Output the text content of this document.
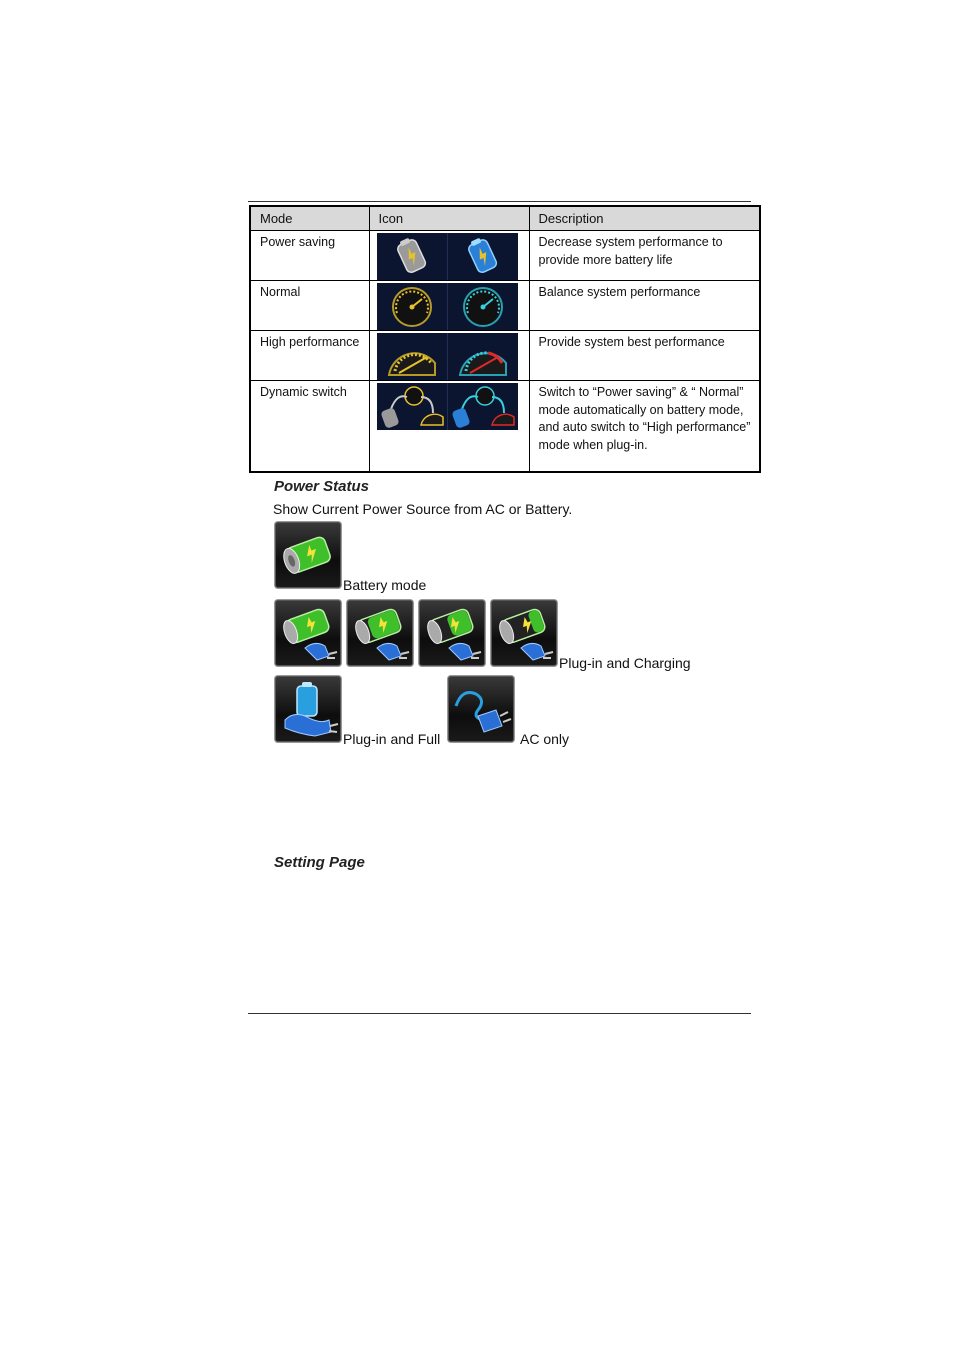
Mode	Icon	Description
Power saving		Decrease system performance to provide more battery life
Normal		Balance system performance
High performance		Provide system best performance
Dynamic switch		Switch to “Power saving” & “ Normal” mode automatically on battery mode, and auto switch to “High performance” mode when plug-in.
Power Status
Show Current Power Source from AC or Battery.
Battery mode
Plug-in and Charging
Plug-in and Full	AC only
Setting Page
